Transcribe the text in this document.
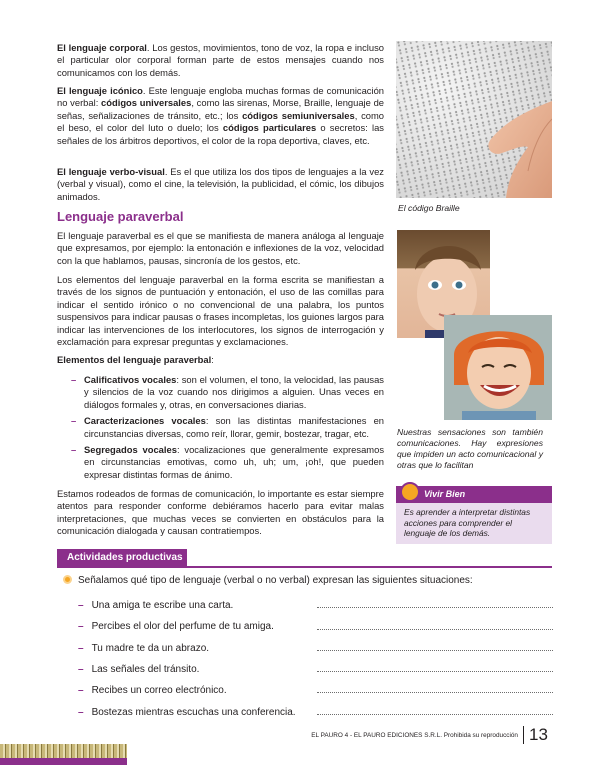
El lenguaje corporal. Los gestos, movimientos, tono de voz, la ropa e incluso el particular olor corporal forman parte de estos mensajes cuando nos comunicamos con los demás.

El lenguaje icónico. Este lenguaje engloba muchas formas de comunicación no verbal: códigos universales, como las sirenas, Morse, Braille, lenguaje de señas, señalizaciones de tránsito, etc.; los códigos semiuniversales, como el beso, el color del luto o duelo; los códigos particulares o secretos: las señales de los árbitros deportivos, el color de la ropa deportiva, claves, etc.

El lenguaje verbo-visual. Es el que utiliza los dos tipos de lenguajes a la vez (verbal y visual), como el cine, la televisión, la publicidad, el cómic, los dibujos animados.

Lenguaje paraverbal

El lenguaje paraverbal es el que se manifiesta de manera análoga al lenguaje que expresamos, por ejemplo: la entonación e inflexiones de la voz, velocidad con la que hablamos, pausas, sincronía de los gestos, etc.

Los elementos del lenguaje paraverbal en la forma escrita se manifiestan a través de los signos de puntuación y entonación, el uso de las comillas para indicar el sentido irónico o no convencional de una palabra, los puntos suspensivos para indicar pausas o frases incompletas, los guiones largos para indicar las intervenciones de los interlocutores, los signos de interrogación y exclamación para expresar preguntas y exclamaciones.

Elementos del lenguaje paraverbal:

– Calificativos vocales: son el volumen, el tono, la velocidad, las pausas y silencios de la voz cuando nos dirigimos a alguien. Unas veces en diálogos formales y, otras, en conversaciones diarias.
– Caracterizaciones vocales: son las distintas manifestaciones en circunstancias diversas, como reír, llorar, gemir, bostezar, tragar, etc.
– Segregados vocales: vocalizaciones que generalmente expresamos en circunstancias emotivas, como uh, uh; um, ¡oh!, que pueden expresar distintas formas de ánimo.

Estamos rodeados de formas de comunicación, lo importante es estar siempre atentos para responder conforme debiéramos hacerlo para evitar malas interpretaciones, que muchas veces se convierten en obstáculos para la comunicación dialogada y causan contratiempos.

El código Braille
Nuestras sensaciones son también comunicaciones. Hay expresiones que impiden un acto comunicacional y otras que lo facilitan
Vivir Bien
Es aprender a interpretar distintas acciones para comprender el lenguaje de los demás.
Actividades productivas
Señalamos qué tipo de lenguaje (verbal o no verbal) expresan las siguientes situaciones:
– Una amiga te escribe una carta.
– Percibes el olor del perfume de tu amiga.
– Tu madre te da un abrazo.
– Las señales del tránsito.
– Recibes un correo electrónico.
– Bostezas mientras escuchas una conferencia.
EL PAURO 4 - EL PAURO EDICIONES S.R.L. Prohibida su reproducción 13
